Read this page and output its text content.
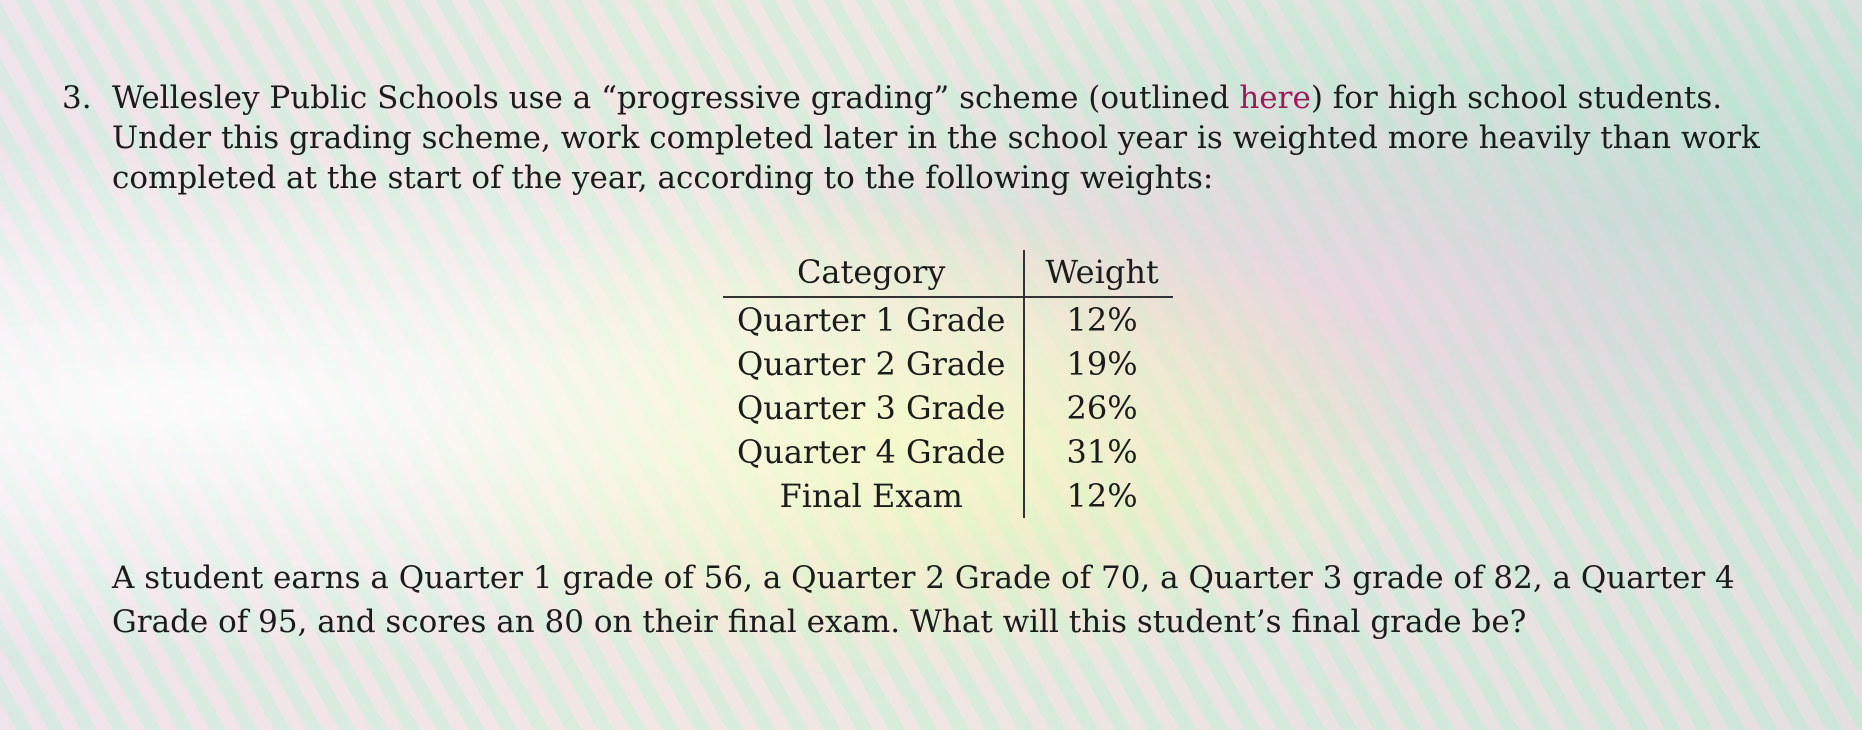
3. Wellesley Public Schools use a “progressive grading” scheme (outlined here) for high school students. Under this grading scheme, work completed later in the school year is weighted more heavily than work completed at the start of the year, according to the following weights:
Category	Weight
Quarter 1 Grade	12%
Quarter 2 Grade	19%
Quarter 3 Grade	26%
Quarter 4 Grade	31%
Final Exam	12%

A student earns a Quarter 1 grade of 56, a Quarter 2 Grade of 70, a Quarter 3 grade of 82, a Quarter 4 Grade of 95, and scores an 80 on their final exam. What will this student’s final grade be?
